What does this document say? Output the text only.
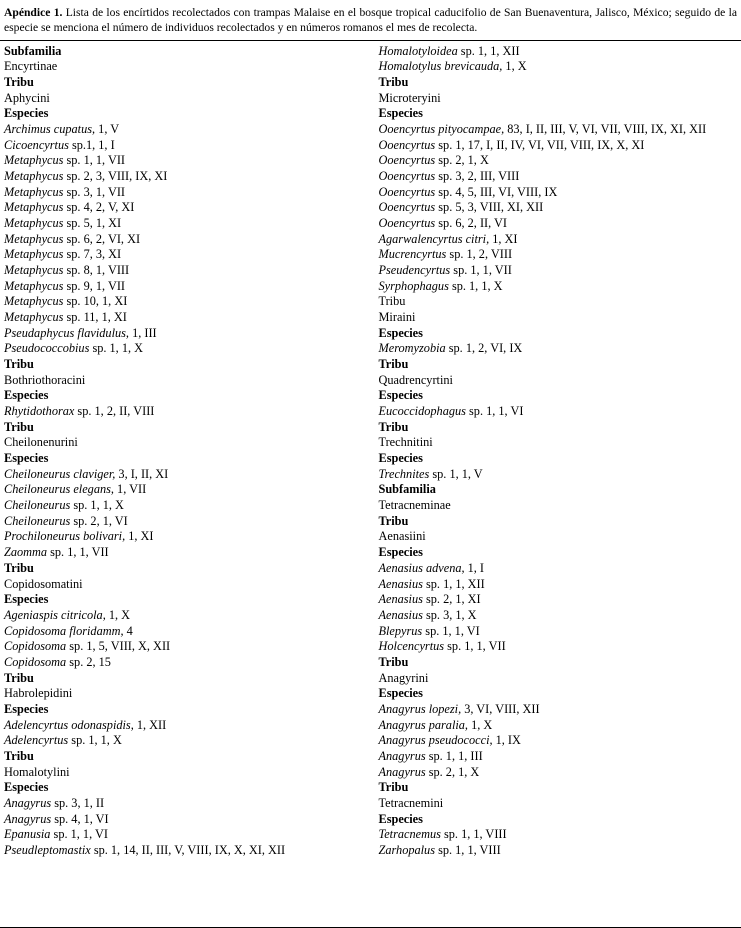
Apéndice 1. Lista de los encírtidos recolectados con trampas Malaise en el bosque tropical caducifolio de San Buenaventura, Jalisco, México; seguido de la especie se menciona el número de individuos recolectados y en números romanos el mes de recolecta.
Subfamilia
Encyrtinae
Tribu
Aphycini
Especies
Archimus cupatus, 1, V
Cicoencyrtus sp.1, 1, I
Metaphycus sp. 1, 1, VII
Metaphycus sp. 2, 3, VIII, IX, XI
Metaphycus sp. 3, 1, VII
Metaphycus sp. 4, 2, V, XI
Metaphycus sp. 5, 1, XI
Metaphycus sp. 6, 2, VI, XI
Metaphycus sp. 7, 3, XI
Metaphycus sp. 8, 1, VIII
Metaphycus sp. 9, 1, VII
Metaphycus sp. 10, 1, XI
Metaphycus sp. 11, 1, XI
Pseudaphycus flavidulus, 1, III
Pseudococcobius sp. 1, 1, X
Tribu
Bothriothoracini
Especies
Rhytidothorax sp. 1, 2, II, VIII
Tribu
Cheilonenurini
Especies
Cheiloneurus claviger, 3, I, II, XI
Cheiloneurus elegans, 1, VII
Cheiloneurus sp. 1, 1, X
Cheiloneurus sp. 2, 1, VI
Prochiloneurus bolivari, 1, XI
Zaomma sp. 1, 1, VII
Tribu
Copidosomatini
Especies
Ageniaspis citricola, 1, X
Copidosoma floridamm, 4
Copidosoma sp. 1, 5, VIII, X, XII
Copidosoma sp. 2, 15
Tribu
Habrolepidini
Especies
Adelencyrtus odonaspidis, 1, XII
Adelencyrtus sp. 1, 1, X
Tribu
Homalotylini
Especies
Anagyrus sp. 3, 1, II
Anagyrus sp. 4, 1, VI
Epanusia sp. 1, 1, VI
Pseudleptomastix sp. 1, 14, II, III, V, VIII, IX, X, XI, XII
Homalotyloidea sp. 1, 1, XII
Homalotylus brevicauda, 1, X
Tribu
Microteryini
Especies
Ooencyrtus pityocampae, 83, I, II, III, V, VI, VII, VIII, IX, XI, XII
Ooencyrtus sp. 1, 17, I, II, IV, VI, VII, VIII, IX, X, XI
Ooencyrtus sp. 2, 1, X
Ooencyrtus sp. 3, 2, III, VIII
Ooencyrtus sp. 4, 5, III, VI, VIII, IX
Ooencyrtus sp. 5, 3, VIII, XI, XII
Ooencyrtus sp. 6, 2, II, VI
Agarwalencyrtus citri, 1, XI
Mucrencyrtus sp. 1, 2, VIII
Pseudencyrtus sp. 1, 1, VII
Syrphophagus sp. 1, 1, X
Tribu
Miraini
Especies
Meromyzobia sp. 1, 2, VI, IX
Tribu
Quadrencyrtini
Especies
Eucoccidophagus sp. 1, 1, VI
Tribu
Trechnitini
Especies
Trechnites sp. 1, 1, V
Subfamilia
Tetracneminae
Tribu
Aenasiini
Especies
Aenasius advena, 1, I
Aenasius sp. 1, 1, XII
Aenasius sp. 2, 1, XI
Aenasius sp. 3, 1, X
Blepyrus sp. 1, 1, VI
Holcencyrtus sp. 1, 1, VII
Tribu
Anagyrini
Especies
Anagyrus lopezi, 3, VI, VIII, XII
Anagyrus paralia, 1, X
Anagyrus pseudococci, 1, IX
Anagyrus sp. 1, 1, III
Anagyrus sp. 2, 1, X
Tribu
Tetracnemini
Especies
Tetracnemus sp. 1, 1, VIII
Zarhopalus sp. 1, 1, VIII
